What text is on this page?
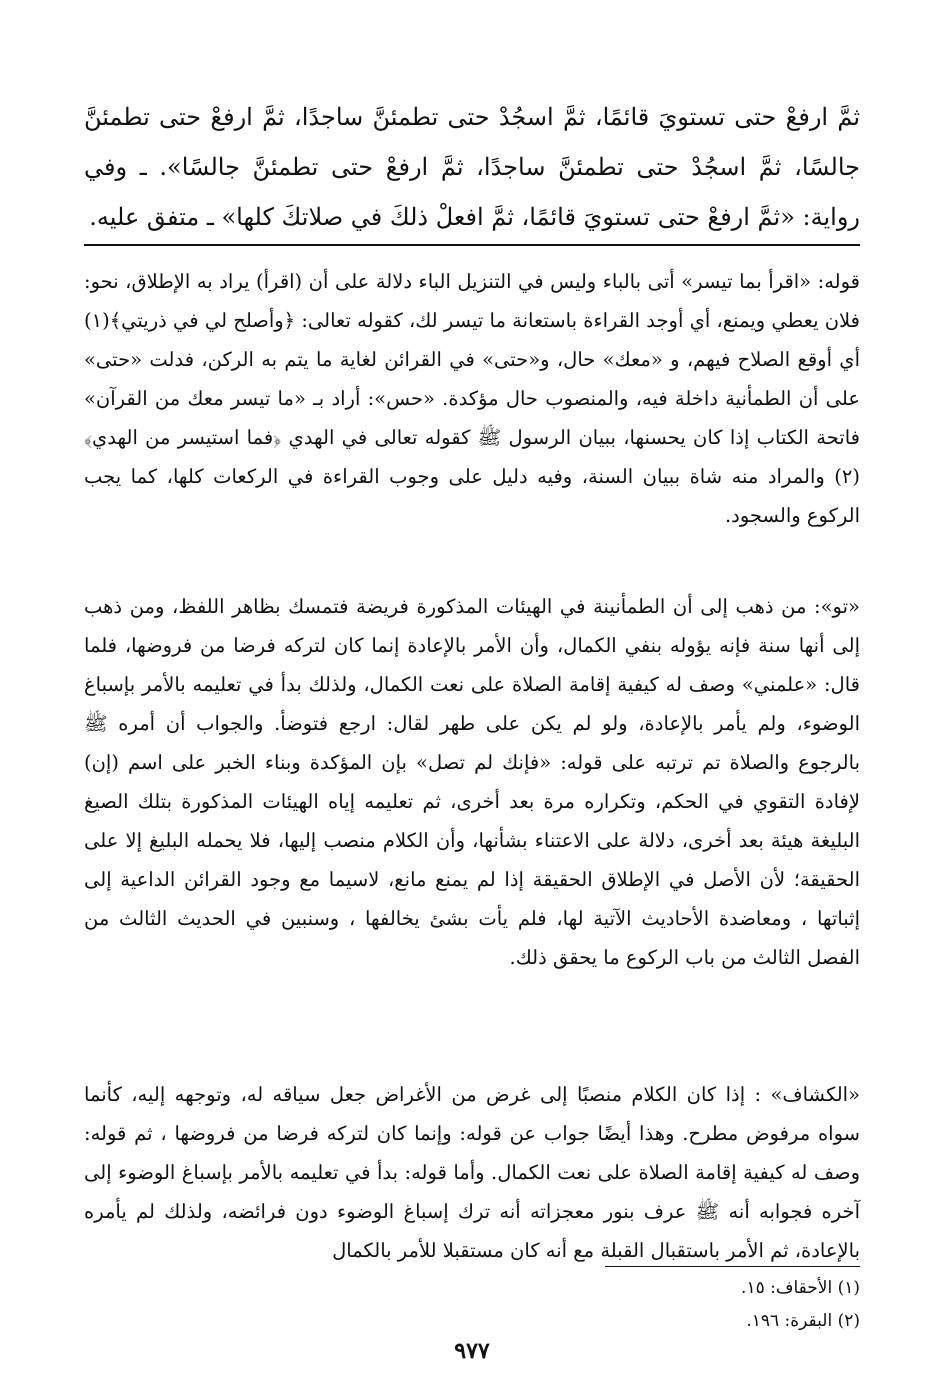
ثمَّ ارفعْ حتى تستويَ قائمًا، ثمَّ اسجُدْ حتى تطمئنَّ ساجدًا، ثمَّ ارفعْ حتى تطمئنَّ جالسًا، ثمَّ اسجُدْ حتى تطمئنَّ ساجدًا، ثمَّ ارفعْ حتى تطمئنَّ جالسًا». ـ وفي رواية: «ثمَّ ارفعْ حتى تستويَ قائمًا، ثمَّ افعلْ ذلكَ في صلاتكَ كلها» ـ متفق عليه.

قوله: «اقرأ بما تيسر» أتى بالباء وليس في التنزيل الباء دلالة على أن (اقرأ) يراد به الإطلاق، نحو: فلان يعطي ويمنع، أي أوجد القراءة باستعانة ما تيسر لك، كقوله تعالى: ﴿وأصلح لي في ذريتي﴾(١) أي أوقع الصلاح فيهم، و «معك» حال، و«حتى» في القرائن لغاية ما يتم به الركن، فدلت «حتى» على أن الطمأنية داخلة فيه، والمنصوب حال مؤكدة. «حس»: أراد بـ «ما تيسر معك من القرآن» فاتحة الكتاب إذا كان يحسنها، ببيان الرسول ﷺ كقوله تعالى في الهدي ﴿فما استيسر من الهدي﴾(٢) والمراد منه شاة ببيان السنة، وفيه دليل على وجوب القراءة في الركعات كلها، كما يجب الركوع والسجود.

«تو»: من ذهب إلى أن الطمأنينة في الهيئات المذكورة فريضة فتمسك بظاهر اللفظ، ومن ذهب إلى أنها سنة فإنه يؤوله بنفي الكمال، وأن الأمر بالإعادة إنما كان لتركه فرضا من فروضها، فلما قال: «علمني» وصف له كيفية إقامة الصلاة على نعت الكمال، ولذلك بدأ في تعليمه بالأمر بإسباغ الوضوء، ولم يأمر بالإعادة، ولو لم يكن على طهر لقال: ارجع فتوضأ. والجواب أن أمره ﷺ بالرجوع والصلاة تم ترتبه على قوله: «فإنك لم تصل» بإن المؤكدة وبناء الخبر على اسم (إن) لإفادة التقوي في الحكم، وتكراره مرة بعد أخرى، ثم تعليمه إياه الهيئات المذكورة بتلك الصيغ البليغة هيئة بعد أخرى، دلالة على الاعتناء بشأنها، وأن الكلام منصب إليها، فلا يحمله البليغ إلا على الحقيقة؛ لأن الأصل في الإطلاق الحقيقة إذا لم يمنع مانع، لاسيما مع وجود القرائن الداعية إلى إثباتها ، ومعاضدة الأحاديث الآتية لها، فلم يأت بشئ يخالفها ، وسنبين في الحديث الثالث من الفصل الثالث من باب الركوع ما يحقق ذلك.

«الكشاف» : إذا كان الكلام منصبًا إلى غرض من الأغراض جعل سياقه له، وتوجهه إليه، كأنما سواه مرفوض مطرح. وهذا أيضًا جواب عن قوله: وإنما كان لتركه فرضا من فروضها ، ثم قوله: وصف له كيفية إقامة الصلاة على نعت الكمال. وأما قوله: بدأ في تعليمه بالأمر بإسباغ الوضوء إلى آخره فجوابه أنه ﷺ عرف بنور معجزاته أنه ترك إسباغ الوضوء دون فرائضه، ولذلك لم يأمره بالإعادة، ثم الأمر باستقبال القبلة مع أنه كان مستقبلا للأمر بالكمال

(١) الأحقاف: ١٥.
(٢) البقرة: ١٩٦.
٩٧٧
